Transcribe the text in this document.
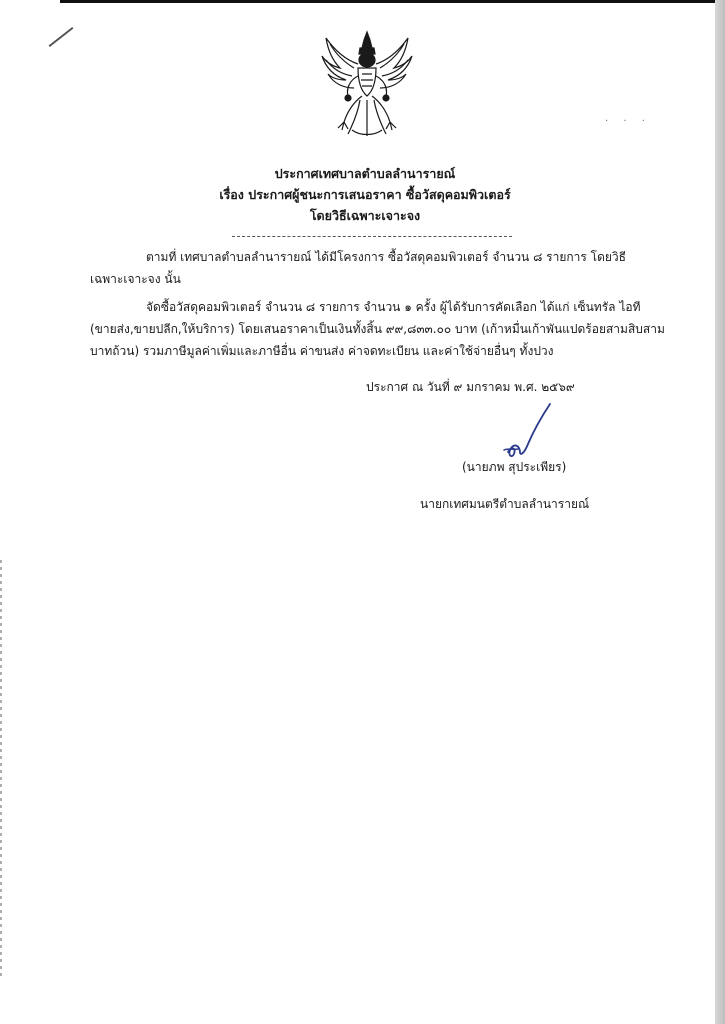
· · ·
ประกาศเทศบาลตำบลลำนารายณ์
เรื่อง ประกาศผู้ชนะการเสนอราคา ซื้อวัสดุคอมพิวเตอร์
โดยวิธีเฉพาะเจาะจง

ตามที่ เทศบาลตำบลลำนารายณ์ ได้มีโครงการ ซื้อวัสดุคอมพิวเตอร์ จำนวน ๘ รายการ โดยวิธี

เฉพาะเจาะจง นั้น

จัดซื้อวัสดุคอมพิวเตอร์ จำนวน ๘ รายการ จำนวน ๑ ครั้ง ผู้ได้รับการคัดเลือก ได้แก่ เซ็นทรัล ไอที

(ขายส่ง,ขายปลีก,ให้บริการ) โดยเสนอราคาเป็นเงินทั้งสิ้น ๙๙,๘๓๓.๐๐ บาท (เก้าหมื่นเก้าพันแปดร้อยสามสิบสาม

บาทถ้วน) รวมภาษีมูลค่าเพิ่มและภาษีอื่น ค่าขนส่ง ค่าจดทะเบียน และค่าใช้จ่ายอื่นๆ ทั้งปวง

ประกาศ ณ วันที่ ๙ มกราคม พ.ศ. ๒๕๖๙
(นายภพ สุประเพียร)
นายกเทศมนตรีตำบลลำนารายณ์
